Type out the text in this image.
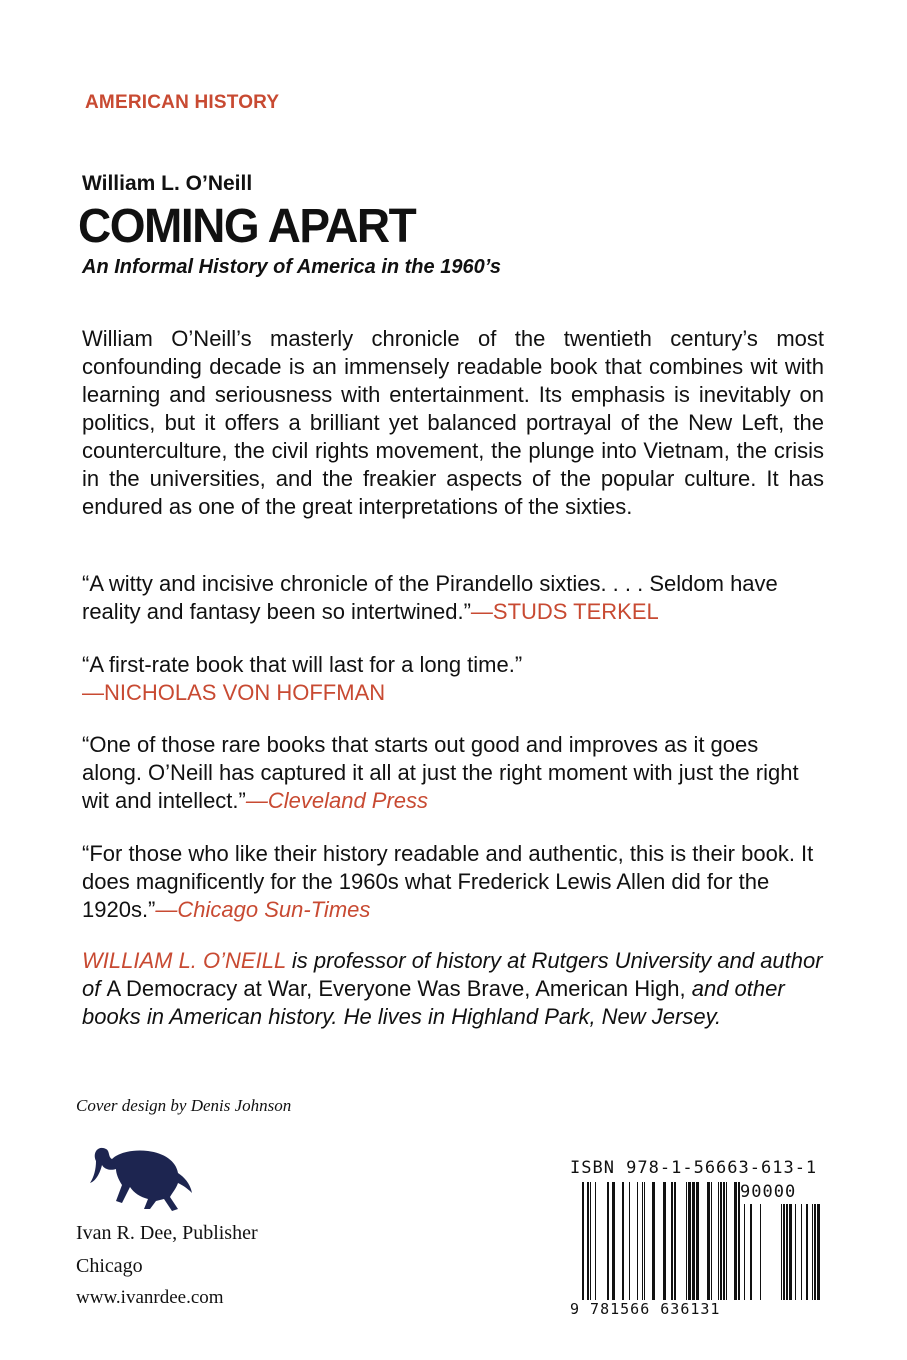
AMERICAN HISTORY
William L. O’Neill
COMING APART
An Informal History of America in the 1960’s
William O’Neill’s masterly chronicle of the twentieth century’s most confounding decade is an immensely readable book that combines wit with learning and seriousness with entertainment. Its emphasis is inevitably on politics, but it offers a brilliant yet balanced portrayal of the New Left, the counterculture, the civil rights movement, the plunge into Vietnam, the crisis in the universities, and the freakier aspects of the popular culture. It has endured as one of the great interpretations of the sixties.
“A witty and incisive chronicle of the Pirandello sixties. . . . Seldom have reality and fantasy been so intertwined.”—STUDS TERKEL
“A first-rate book that will last for a long time.”
—NICHOLAS VON HOFFMAN
“One of those rare books that starts out good and improves as it goes along. O’Neill has captured it all at just the right moment with just the right wit and intellect.”—Cleveland Press
“For those who like their history readable and authentic, this is their book. It does magnificently for the 1960s what Frederick Lewis Allen did for the 1920s.”—Chicago Sun-Times
WILLIAM L. O’NEILL is professor of history at Rutgers University and author of A Democracy at War, Everyone Was Brave, American High, and other books in American history. He lives in Highland Park, New Jersey.
Cover design by Denis Johnson
Ivan R. Dee, Publisher
Chicago
www.ivanrdee.com
ISBN 978-1-56663-613-1
90000
9 781566 636131
